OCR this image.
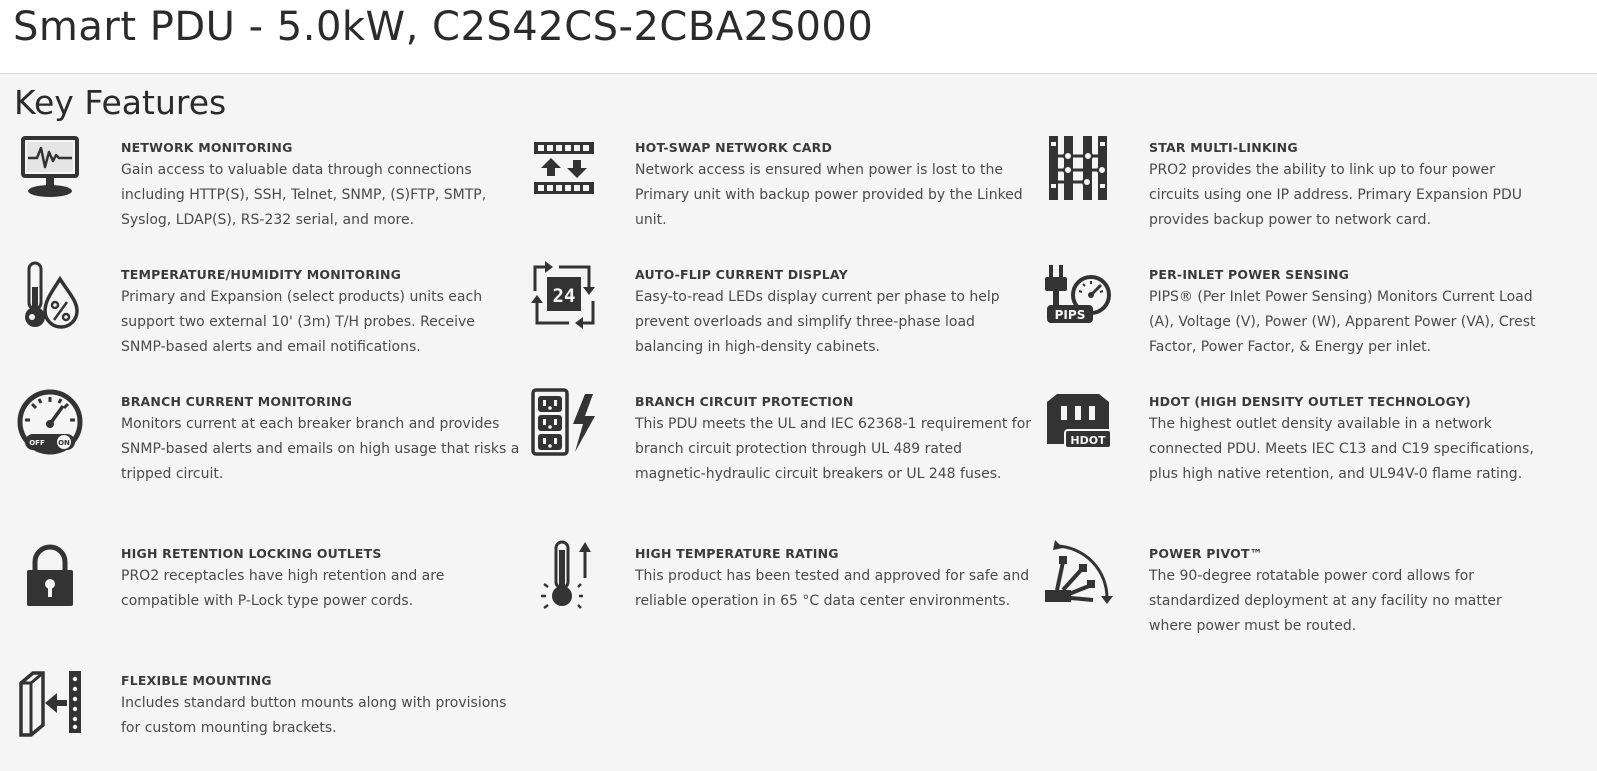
Smart PDU - 5.0kW, C2S42CS-2CBA2S000
Key Features
NETWORK MONITORING

Gain access to valuable data through connections including HTTP(S), SSH, Telnet, SNMP, (S)FTP, SMTP, Syslog, LDAP(S), RS-232 serial, and more.

HOT-SWAP NETWORK CARD

Network access is ensured when power is lost to the Primary unit with backup power provided by the Linked unit.

STAR MULTI-LINKING

PRO2 provides the ability to link up to four power circuits using one IP address. Primary Expansion PDU provides backup power to network card.

TEMPERATURE/HUMIDITY MONITORING

Primary and Expansion (select products) units each support two external 10' (3m) T/H probes. Receive SNMP-based alerts and email notifications.

24
AUTO-FLIP CURRENT DISPLAY

Easy-to-read LEDs display current per phase to help prevent overloads and simplify three-phase load balancing in high-density cabinets.

PIPS
PER-INLET POWER SENSING

PIPS® (Per Inlet Power Sensing) Monitors Current Load (A), Voltage (V), Power (W), Apparent Power (VA), Crest Factor, Power Factor, & Energy per inlet.

OFF ON
BRANCH CURRENT MONITORING

Monitors current at each breaker branch and provides SNMP-based alerts and emails on high usage that risks a tripped circuit.

BRANCH CIRCUIT PROTECTION

This PDU meets the UL and IEC 62368-1 requirement for branch circuit protection through UL 489 rated magnetic-hydraulic circuit breakers or UL 248 fuses.

HDOT
HDOT (HIGH DENSITY OUTLET TECHNOLOGY)

The highest outlet density available in a network connected PDU. Meets IEC C13 and C19 specifications, plus high native retention, and UL94V-0 flame rating.

HIGH RETENTION LOCKING OUTLETS

PRO2 receptacles have high retention and are compatible with P-Lock type power cords.

HIGH TEMPERATURE RATING

This product has been tested and approved for safe and reliable operation in 65 °C data center environments.

POWER PIVOT™

The 90-degree rotatable power cord allows for standardized deployment at any facility no matter where power must be routed.

FLEXIBLE MOUNTING

Includes standard button mounts along with provisions for custom mounting brackets.
